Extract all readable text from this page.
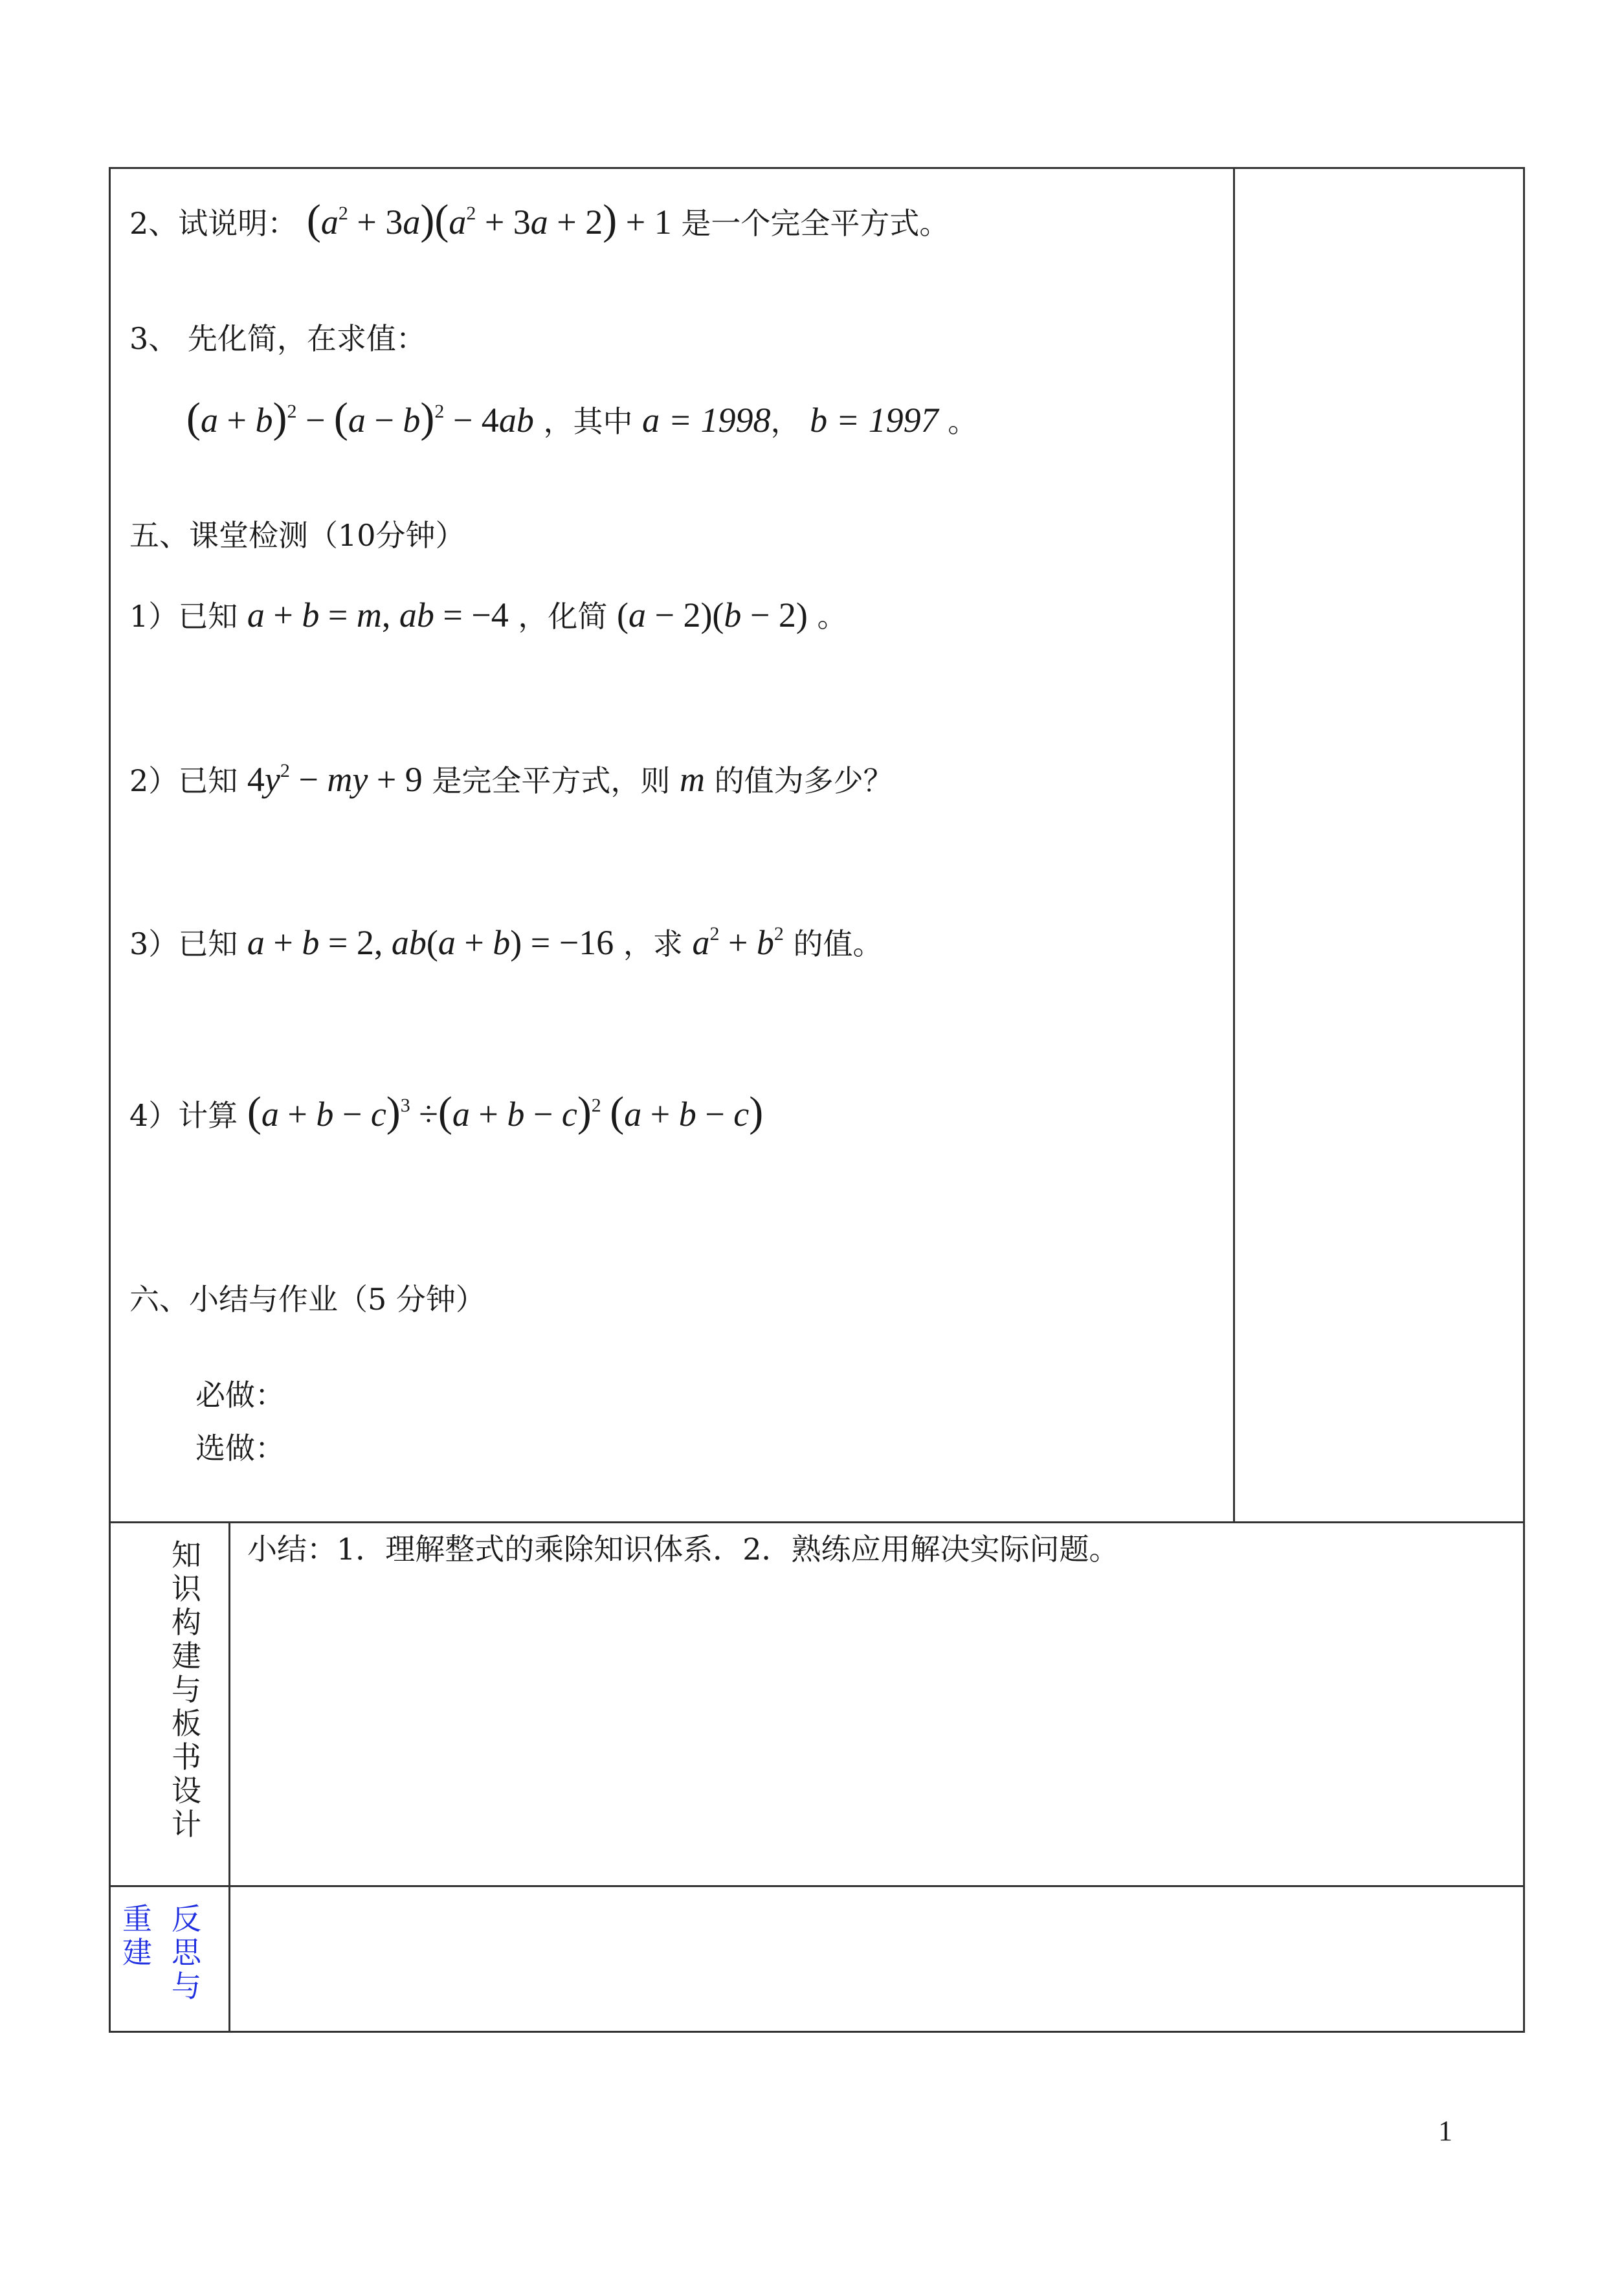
2、试说明： $(a^2 + 3a)(a^2 + 3a + 2) + 1$ 是一个完全平方式。
3、 先化简，在求值：
$(a + b)^2 - (a - b)^2 - 4ab$ ，其中 a = 1998， b = 1997 。
五、课堂检测（10分钟）
1）已知 a + b = m, ab = −4 ，化简 (a − 2)(b − 2) 。
2）已知 $4y^2$ − my + 9 是完全平方式，则 m 的值为多少？
3）已知 a + b = 2, ab(a + b) = −16 ，求 $a^2 + b^2$ 的值。
4）计算 $(a + b - c)^3 \div(a + b - c)^2$ (a + b − c)
六、小结与作业（5 分钟）
必做：
选做：
知
识
构
建
与
板
书
设
计
小结：1．理解整式的乘除知识体系．2．熟练应用解决实际问题。
重
建
反
思
与
1
